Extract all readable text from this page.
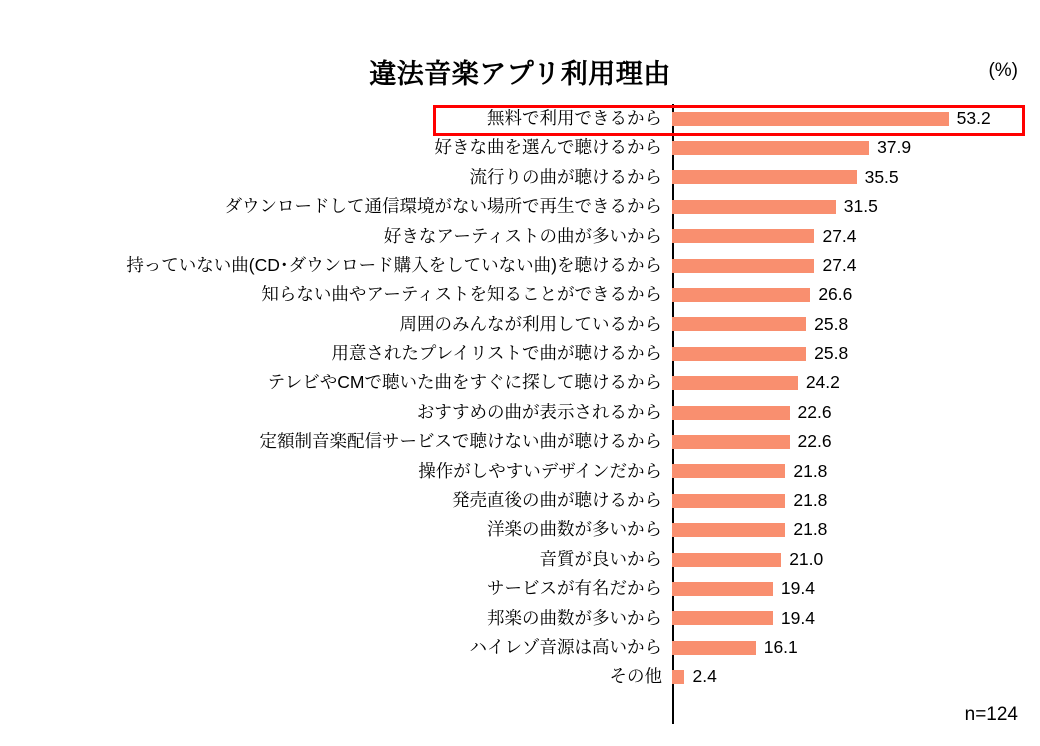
違法音楽アプリ利用理由	(%)
無料で利用できるから	53.2
好きな曲を選んで聴けるから	37.9
流行りの曲が聴けるから	35.5
ダウンロードして通信環境がない場所で再生できるから	31.5
好きなアーティストの曲が多いから	27.4
持っていない曲(CD･ダウンロード購入をしていない曲)を聴けるから	27.4
知らない曲やアーティストを知ることができるから	26.6
周囲のみんなが利用しているから	25.8
用意されたプレイリストで曲が聴けるから	25.8
テレビやCMで聴いた曲をすぐに探して聴けるから	24.2
おすすめの曲が表示されるから	22.6
定額制音楽配信サービスで聴けない曲が聴けるから	22.6
操作がしやすいデザインだから	21.8
発売直後の曲が聴けるから	21.8
洋楽の曲数が多いから	21.8
音質が良いから	21.0
サービスが有名だから	19.4
邦楽の曲数が多いから	19.4
ハイレゾ音源は高いから	16.1
その他	2.4
n=124
